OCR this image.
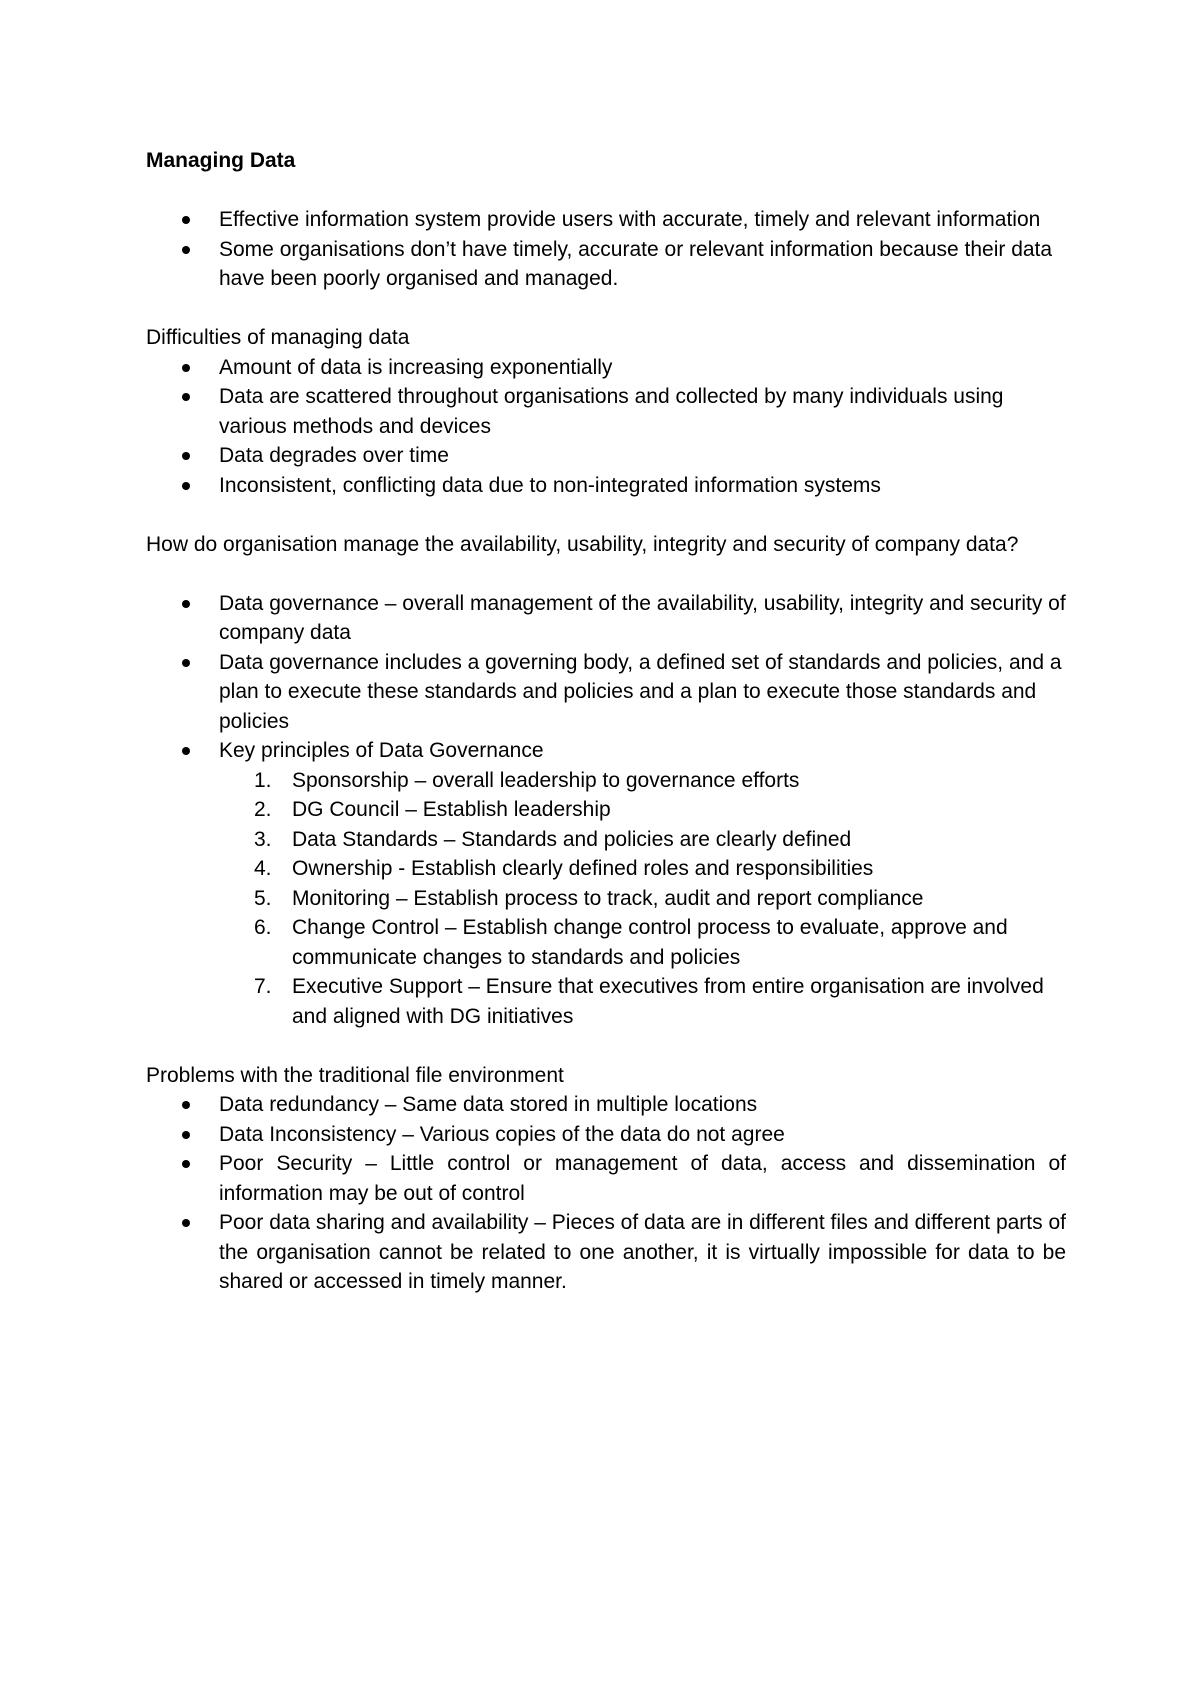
Managing Data

Effective information system provide users with accurate, timely and relevant information
Some organisations don’t have timely, accurate or relevant information because their data have been poorly organised and managed.

Difficulties of managing data

Amount of data is increasing exponentially
Data are scattered throughout organisations and collected by many individuals using various methods and devices
Data degrades over time
Inconsistent, conflicting data due to non-integrated information systems

How do organisation manage the availability, usability, integrity and security of company data?

Data governance – overall management of the availability, usability, integrity and security of company data
Data governance includes a governing body, a defined set of standards and policies, and a plan to execute these standards and policies and a plan to execute those standards and policies
Key principles of Data Governance
1. Sponsorship – overall leadership to governance efforts
2. DG Council – Establish leadership
3. Data Standards – Standards and policies are clearly defined
4. Ownership - Establish clearly defined roles and responsibilities
5. Monitoring – Establish process to track, audit and report compliance
6. Change Control – Establish change control process to evaluate, approve and communicate changes to standards and policies
7. Executive Support – Ensure that executives from entire organisation are involved and aligned with DG initiatives

Problems with the traditional file environment

Data redundancy – Same data stored in multiple locations
Data Inconsistency – Various copies of the data do not agree
Poor Security – Little control or management of data, access and dissemination of information may be out of control
Poor data sharing and availability – Pieces of data are in different files and different parts of the organisation cannot be related to one another, it is virtually impossible for data to be shared or accessed in timely manner.
